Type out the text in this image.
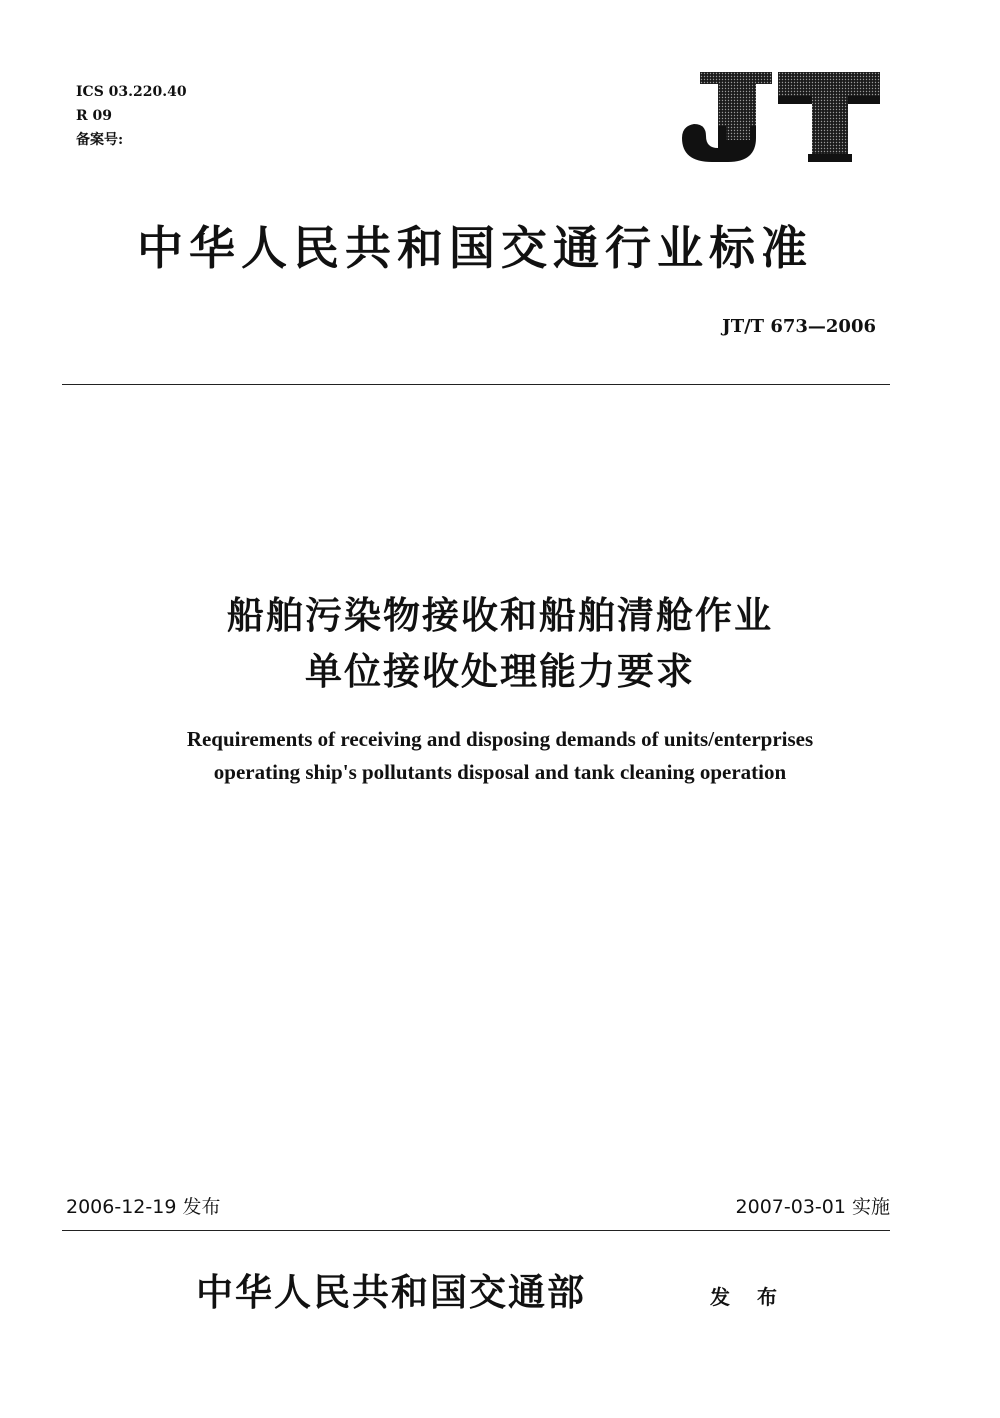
ICS 03.220.40
R 09
备案号:
中华人民共和国交通行业标准
JT/T 673—2006
船舶污染物接收和船舶清舱作业
单位接收处理能力要求
Requirements of receiving and disposing demands of units/enterprises
operating ship's pollutants disposal and tank cleaning operation
2006-12-19 发布	2007-03-01 实施
中华人民共和国交通部	发 布
